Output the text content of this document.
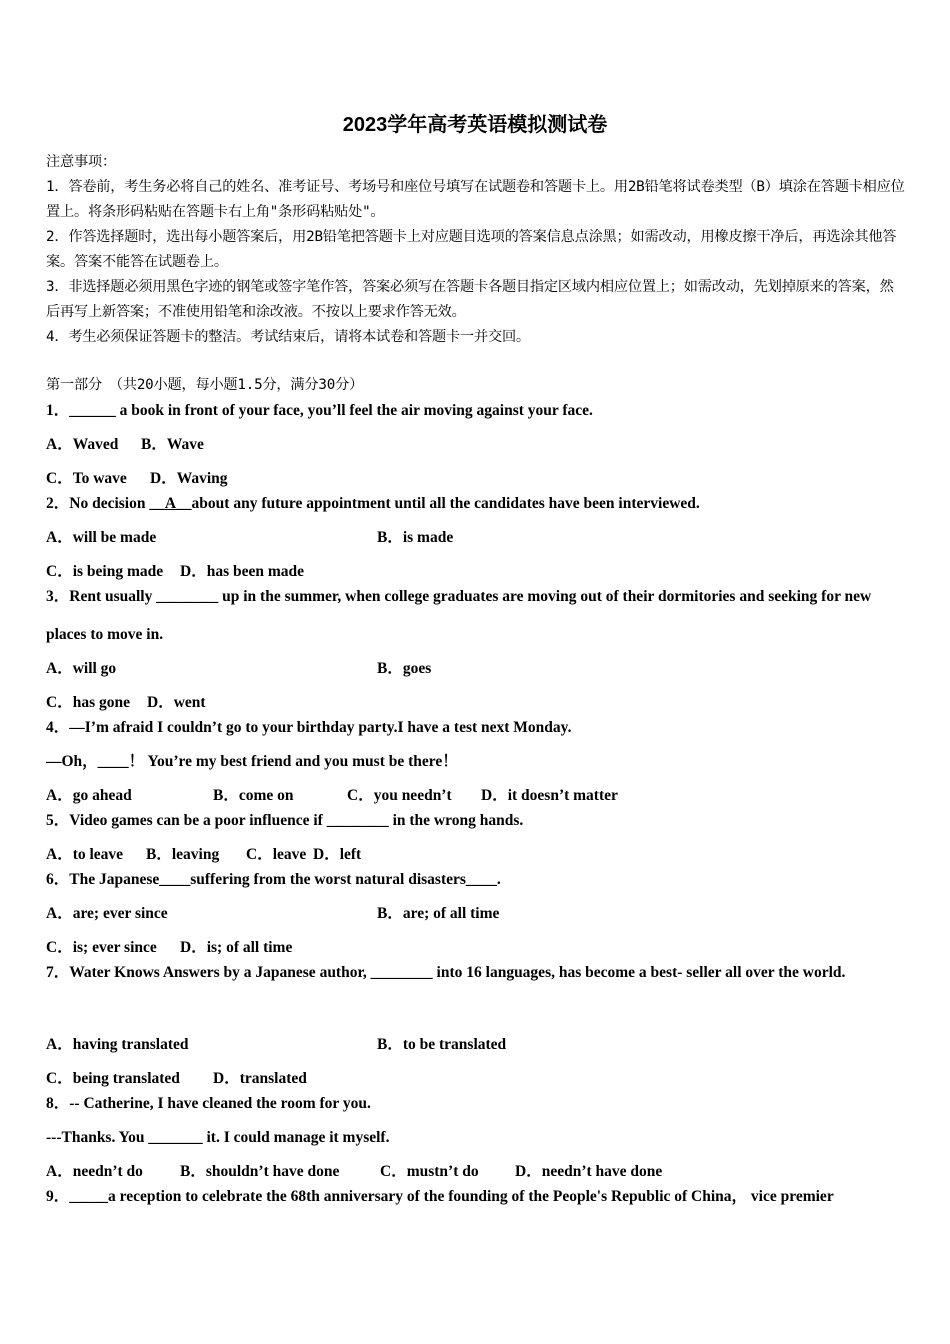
2023学年高考英语模拟测试卷

注意事项：

1．答卷前，考生务必将自己的姓名、准考证号、考场号和座位号填写在试题卷和答题卡上。用2B铅笔将试卷类型（B）填涂在答题卡相应位置上。将条形码粘贴在答题卡右上角"条形码粘贴处"。

2．作答选择题时，选出每小题答案后，用2B铅笔把答题卡上对应题目选项的答案信息点涂黑；如需改动，用橡皮擦干净后，再选涂其他答案。答案不能答在试题卷上。

3．非选择题必须用黑色字迹的钢笔或签字笔作答，答案必须写在答题卡各题目指定区域内相应位置上；如需改动，先划掉原来的答案，然后再写上新答案；不准使用铅笔和涂改液。不按以上要求作答无效。

4．考生必须保证答题卡的整洁。考试结束后，请将本试卷和答题卡一并交回。

第一部分　（共20小题，每小题1.5分，满分30分）
1．______ a book in front of your face, you’ll feel the air moving against your face.
A．Waved B．Wave
C．To wave D．Waving
2．No decision __A__about any future appointment until all the candidates have been interviewed.
A．will be made	B．is made
C．is being made D．has been made
3．Rent usually ________ up in the summer, when college graduates are moving out of their dormitories and seeking for new places to move in.
A．will go	B．goes
C．has gone D．went
4．—I’m afraid I couldn’t go to your birthday party.I have a test next Monday.
—Oh，____！ You’re my best friend and you must be there！
A．go ahead	B．come on	C．you needn’t D．it doesn’t matter
5．Video games can be a poor influence if ________ in the wrong hands.
A．to leave B．leaving C．leave D．left
6．The Japanese____suffering from the worst natural disasters____.
A．are; ever since	B．are; of all time
C．is; ever since D．is; of all time
7．Water Knows Answers by a Japanese author, ________ into 16 languages, has become a best- seller all over the world.
A．having translated	B．to be translated
C．being translated D．translated
8．-- Catherine, I have cleaned the room for you.
---Thanks. You _______ it. I could manage it myself.
A．needn’t do B．shouldn’t have done	C．mustn’t do D．needn’t have done
9．_____a reception to celebrate the 68th anniversary of the founding of the People's Republic of China， vice premier
